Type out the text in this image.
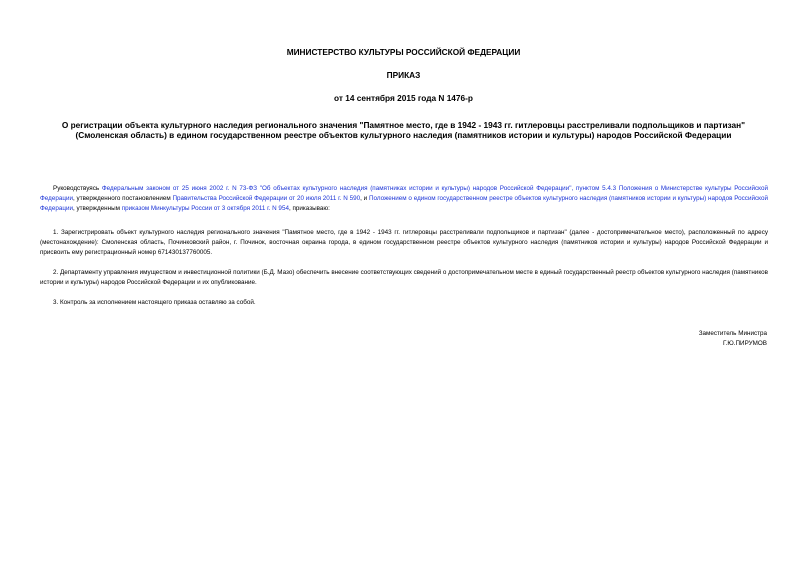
МИНИСТЕРСТВО КУЛЬТУРЫ РОССИЙСКОЙ ФЕДЕРАЦИИ
ПРИКАЗ
от 14 сентября 2015 года N 1476-р
О регистрации объекта культурного наследия регионального значения "Памятное место, где в 1942 - 1943 гг. гитлеровцы расстреливали подпольщиков и партизан" (Смоленская область) в едином государственном реестре объектов культурного наследия (памятников истории и культуры) народов Российской Федерации
Руководствуясь Федеральным законом от 25 июня 2002 г. N 73-ФЗ "Об объектах культурного наследия (памятниках истории и культуры) народов Российской Федерации", пунктом 5.4.3 Положения о Министерстве культуры Российской Федерации, утвержденного постановлением Правительства Российской Федерации от 20 июля 2011 г. N 590, и Положением о едином государственном реестре объектов культурного наследия (памятников истории и культуры) народов Российской Федерации, утвержденным приказом Минкультуры России от 3 октября 2011 г. N 954, приказываю:
1. Зарегистрировать объект культурного наследия регионального значения "Памятное место, где в 1942 - 1943 гг. гитлеровцы расстреливали подпольщиков и партизан" (далее - достопримечательное место), расположенный по адресу (местонахождение): Смоленская область, Починковский район, г. Починок, восточная окраина города, в едином государственном реестре объектов культурного наследия (памятников истории и культуры) народов Российской Федерации и присвоить ему регистрационный номер 671430137760005.
2. Департаменту управления имуществом и инвестиционной политики (Б.Д. Мазо) обеспечить внесение соответствующих сведений о достопримечательном месте в единый государственный реестр объектов культурного наследия (памятников истории и культуры) народов Российской Федерации и их опубликование.
3. Контроль за исполнением настоящего приказа оставляю за собой.
Заместитель Министра
Г.Ю.ПИРУМОВ
